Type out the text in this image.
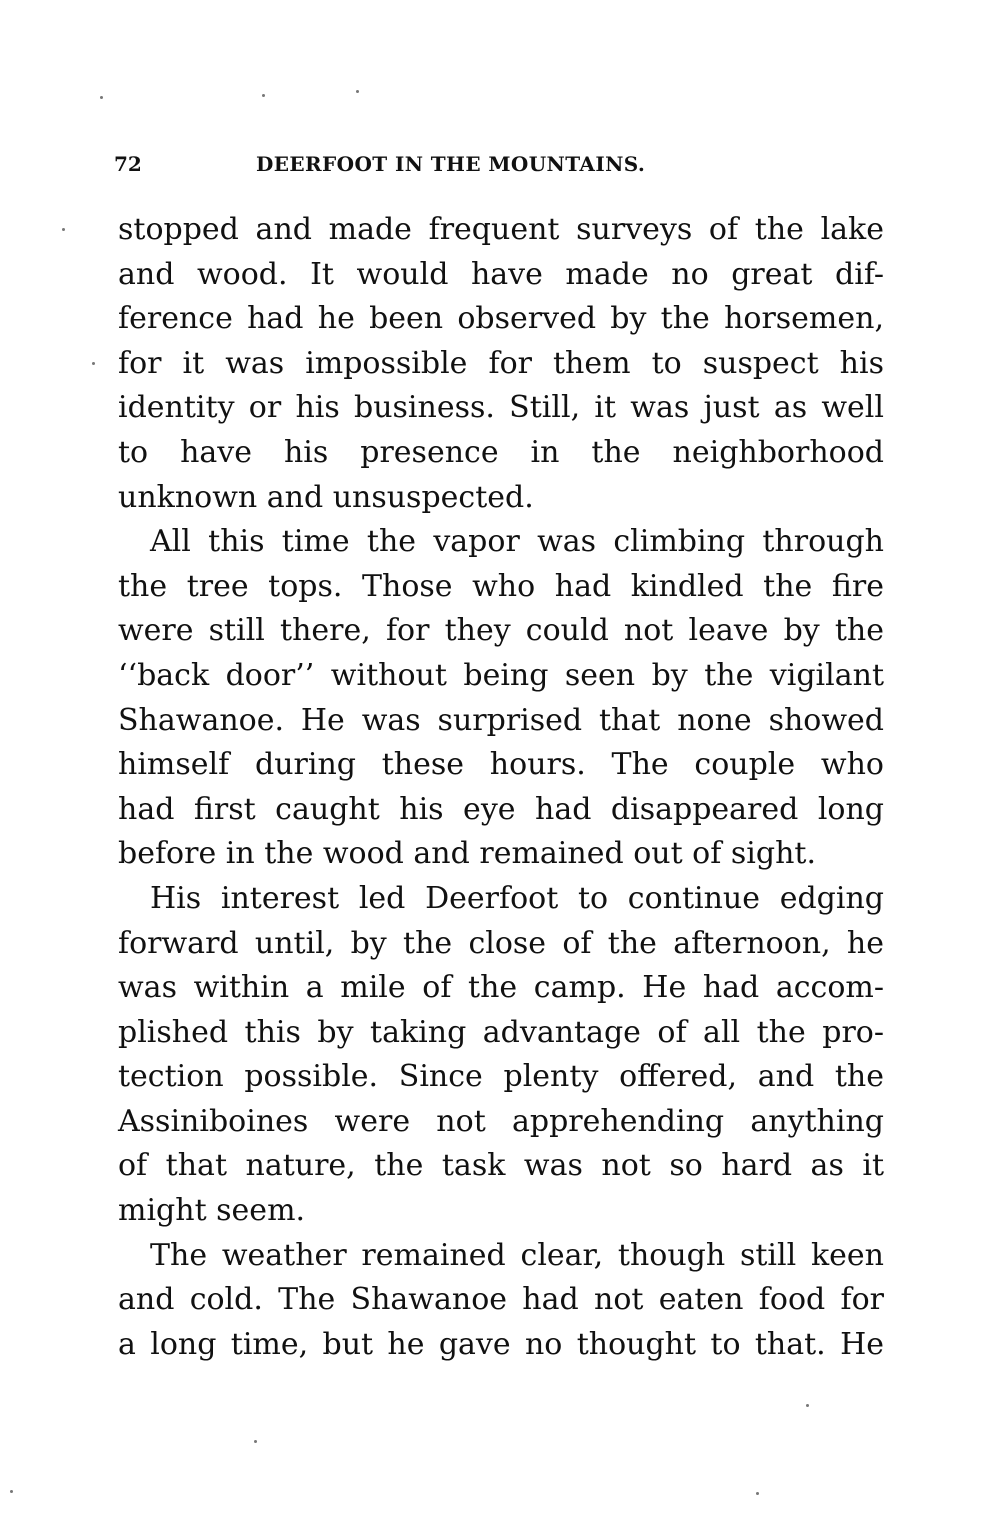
72	DEERFOOT IN THE MOUNTAINS.

stopped and made frequent surveys of the lake
and wood. It would have made no great dif-
ference had he been observed by the horsemen,
for it was impossible for them to suspect his
identity or his business. Still, it was just as well
to have his presence in the neighborhood
unknown and unsuspected.

All this time the vapor was climbing through
the tree tops. Those who had kindled the fire
were still there, for they could not leave by the
‘‘back door’’ without being seen by the vigilant
Shawanoe. He was surprised that none showed
himself during these hours. The couple who
had first caught his eye had disappeared long
before in the wood and remained out of sight.

His interest led Deerfoot to continue edging
forward until, by the close of the afternoon, he
was within a mile of the camp. He had accom-
plished this by taking advantage of all the pro-
tection possible. Since plenty offered, and the
Assiniboines were not apprehending anything
of that nature, the task was not so hard as it
might seem.

The weather remained clear, though still keen
and cold. The Shawanoe had not eaten food for
a long time, but he gave no thought to that. He
